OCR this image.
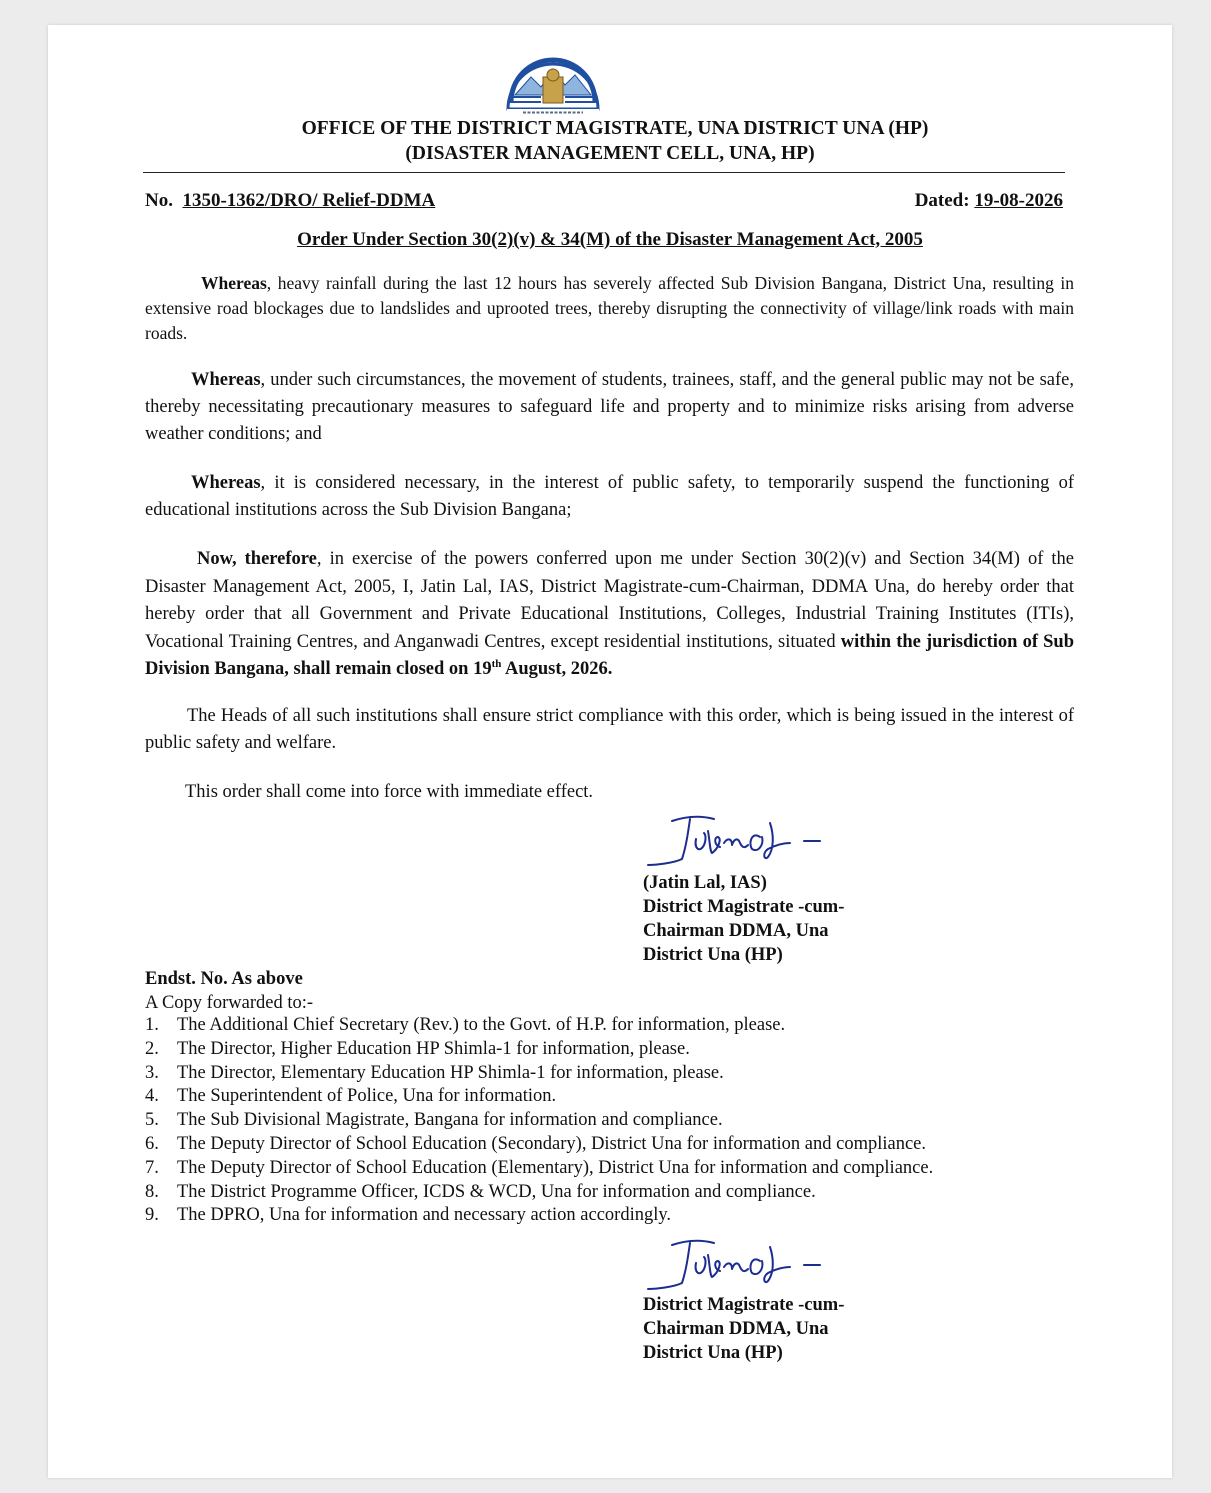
OFFICE OF THE DISTRICT MAGISTRATE, UNA DISTRICT UNA (HP)
(DISASTER MANAGEMENT CELL, UNA, HP)
No. 1350-1362/DRO/ Relief-DDMA	Dated: 19-08-2026
Order Under Section 30(2)(v) & 34(M) of the Disaster Management Act, 2005
Whereas, heavy rainfall during the last 12 hours has severely affected Sub Division Bangana, District Una, resulting in extensive road blockages due to landslides and uprooted trees, thereby disrupting the connectivity of village/link roads with main roads.
Whereas, under such circumstances, the movement of students, trainees, staff, and the general public may not be safe, thereby necessitating precautionary measures to safeguard life and property and to minimize risks arising from adverse weather conditions; and
Whereas, it is considered necessary, in the interest of public safety, to temporarily suspend the functioning of educational institutions across the Sub Division Bangana;
Now, therefore, in exercise of the powers conferred upon me under Section 30(2)(v) and Section 34(M) of the Disaster Management Act, 2005, I, Jatin Lal, IAS, District Magistrate-cum-Chairman, DDMA Una, do hereby order that hereby order that all Government and Private Educational Institutions, Colleges, Industrial Training Institutes (ITIs), Vocational Training Centres, and Anganwadi Centres, except residential institutions, situated within the jurisdiction of Sub Division Bangana, shall remain closed on 19th August, 2026.
The Heads of all such institutions shall ensure strict compliance with this order, which is being issued in the interest of public safety and welfare.
This order shall come into force with immediate effect.
(Jatin Lal, IAS)
District Magistrate -cum-
Chairman DDMA, Una
District Una (HP)
Endst. No. As above
A Copy forwarded to:-
1. The Additional Chief Secretary (Rev.) to the Govt. of H.P. for information, please.
2. The Director, Higher Education HP Shimla-1 for information, please.
3. The Director, Elementary Education HP Shimla-1 for information, please.
4. The Superintendent of Police, Una for information.
5. The Sub Divisional Magistrate, Bangana for information and compliance.
6. The Deputy Director of School Education (Secondary), District Una for information and compliance.
7. The Deputy Director of School Education (Elementary), District Una for information and compliance.
8. The District Programme Officer, ICDS & WCD, Una for information and compliance.
9. The DPRO, Una for information and necessary action accordingly.
District Magistrate -cum-
Chairman DDMA, Una
District Una (HP)
